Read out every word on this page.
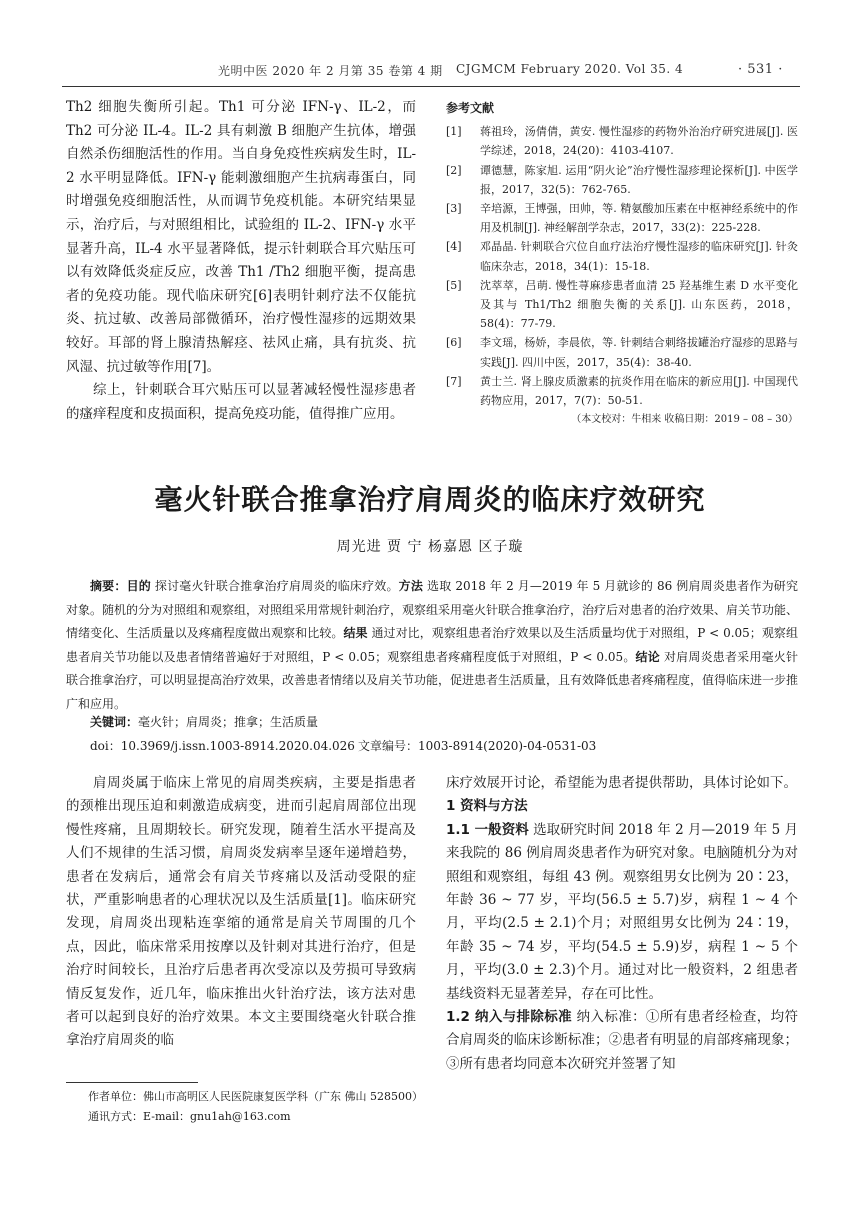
光明中医 2020 年 2 月第 35 卷第 4 期 CJGMCM February 2020. Vol 35. 4	· 531 ·

Th2 细胞失衡所引起。Th1 可分泌 IFN-γ、IL-2，而 Th2 可分泌 IL-4。IL-2 具有刺激 B 细胞产生抗体，增强自然杀伤细胞活性的作用。当自身免疫性疾病发生时，IL-2 水平明显降低。IFN-γ 能刺激细胞产生抗病毒蛋白，同时增强免疫细胞活性，从而调节免疫机能。本研究结果显示，治疗后，与对照组相比，试验组的 IL-2、IFN-γ 水平显著升高，IL-4 水平显著降低，提示针刺联合耳穴贴压可以有效降低炎症反应，改善 Th1 /Th2 细胞平衡，提高患者的免疫功能。现代临床研究[6]表明针刺疗法不仅能抗炎、抗过敏、改善局部微循环，治疗慢性湿疹的远期效果较好。耳部的肾上腺清热解痉、祛风止痛，具有抗炎、抗风湿、抗过敏等作用[7]。

综上，针刺联合耳穴贴压可以显著减轻慢性湿疹患者的瘙痒程度和皮损面积，提高免疫功能，值得推广应用。

参考文献
[1]	蒋祖玲，汤倩倩，黄安. 慢性湿疹的药物外治治疗研究进展[J]. 医学综述，2018，24(20)：4103-4107.
[2]	谭德慧，陈家旭. 运用“阴火论”治疗慢性湿疹理论探析[J]. 中医学报，2017，32(5)：762-765.
[3]	辛培源，王博强，田帅，等. 精氨酸加压素在中枢神经系统中的作用及机制[J]. 神经解剖学杂志，2017，33(2)：225-228.
[4]	邓晶晶. 针刺联合穴位自血疗法治疗慢性湿疹的临床研究[J]. 针灸临床杂志，2018，34(1)：15-18.
[5]	沈萃萃，吕萌. 慢性荨麻疹患者血清 25 羟基维生素 D 水平变化及其与 Th1/Th2 细胞失衡的关系[J]. 山东医药，2018，58(4)：77-79.
[6]	李文瑶，杨娇，李晨依，等. 针刺结合刺络拔罐治疗湿疹的思路与实践[J]. 四川中医，2017，35(4)：38-40.
[7]	黄士兰. 肾上腺皮质激素的抗炎作用在临床的新应用[J]. 中国现代药物应用，2017，7(7)：50-51.
（本文校对：牛相来 收稿日期：2019 – 08 – 30）
毫火针联合推拿治疗肩周炎的临床疗效研究
周光进 贾 宁 杨嘉恩 区子璇
摘要：目的 探讨毫火针联合推拿治疗肩周炎的临床疗效。方法 选取 2018 年 2 月—2019 年 5 月就诊的 86 例肩周炎患者作为研究对象。随机的分为对照组和观察组，对照组采用常规针刺治疗，观察组采用毫火针联合推拿治疗，治疗后对患者的治疗效果、肩关节功能、情绪变化、生活质量以及疼痛程度做出观察和比较。结果 通过对比，观察组患者治疗效果以及生活质量均优于对照组，P < 0.05；观察组患者肩关节功能以及患者情绪普遍好于对照组，P < 0.05；观察组患者疼痛程度低于对照组，P < 0.05。结论 对肩周炎患者采用毫火针联合推拿治疗，可以明显提高治疗效果，改善患者情绪以及肩关节功能，促进患者生活质量，且有效降低患者疼痛程度，值得临床进一步推广和应用。
关键词：毫火针；肩周炎；推拿；生活质量
doi：10.3969/j.issn.1003-8914.2020.04.026 文章编号：1003-8914(2020)-04-0531-03

肩周炎属于临床上常见的肩周类疾病，主要是指患者的颈椎出现压迫和刺激造成病变，进而引起肩周部位出现慢性疼痛，且周期较长。研究发现，随着生活水平提高及人们不规律的生活习惯，肩周炎发病率呈逐年递增趋势，患者在发病后，通常会有肩关节疼痛以及活动受限的症状，严重影响患者的心理状况以及生活质量[1]。临床研究发现，肩周炎出现粘连挛缩的通常是肩关节周围的几个点，因此，临床常采用按摩以及针刺对其进行治疗，但是治疗时间较长，且治疗后患者再次受凉以及劳损可导致病情反复发作，近几年，临床推出火针治疗法，该方法对患者可以起到良好的治疗效果。本文主要围绕毫火针联合推拿治疗肩周炎的临

床疗效展开讨论，希望能为患者提供帮助，具体讨论如下。

1 资料与方法

1.1 一般资料 选取研究时间 2018 年 2 月—2019 年 5 月来我院的 86 例肩周炎患者作为研究对象。电脑随机分为对照组和观察组，每组 43 例。观察组男女比例为 20∶23，年龄 36 ~ 77 岁，平均(56.5 ± 5.7)岁，病程 1 ~ 4 个月，平均(2.5 ± 2.1)个月；对照组男女比例为 24∶19，年龄 35 ~ 74 岁，平均(54.5 ± 5.9)岁，病程 1 ~ 5 个月，平均(3.0 ± 2.3)个月。通过对比一般资料，2 组患者基线资料无显著差异，存在可比性。

1.2 纳入与排除标准 纳入标准：①所有患者经检查，均符合肩周炎的临床诊断标准；②患者有明显的肩部疼痛现象；③所有患者均同意本次研究并签署了知

作者单位：佛山市高明区人民医院康复医学科（广东 佛山 528500）
通讯方式：E-mail：gnu1ah@163.com
